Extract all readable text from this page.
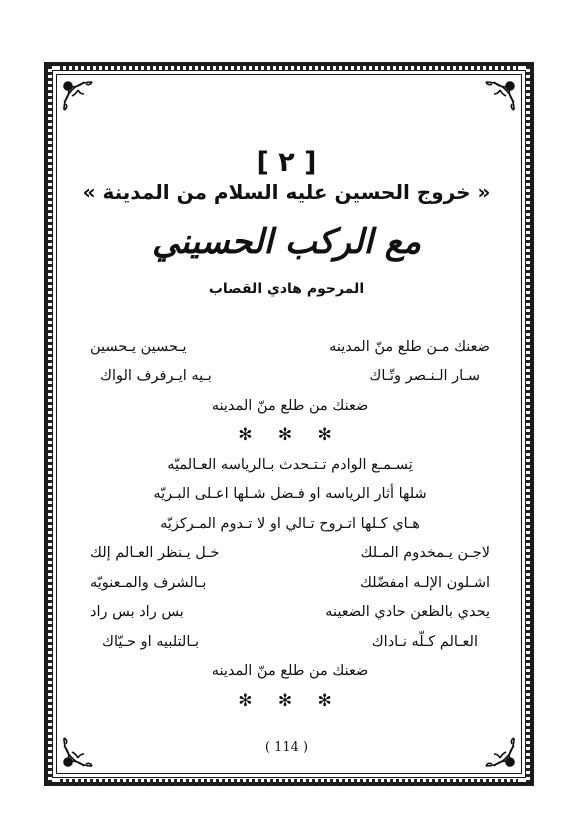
[ ٢ ]
« خروج الحسين عليه السلام من المدينة »
مع الركب الحسيني
المرحوم هادي القصاب
ضعنك مـن طلع منّ المدينه
يـحسين يـحسين
سـار الـنـصر وتّـاك
بـيه ايـرفرف الواك
ضعنك من طلع منّ المدينه
✻ ✻ ✻
تِسـمـع الوادم تـتـحدث بـالرياسه العـالميّه
شلها أثار الرياسه او فـضل شـلها اعـلى البـريّه
هـاي كـلها اتـروح تـالي او لا تـدوم المـركزيّه
لاجـن يـمخدوم المـلك
خـل يـنظر العـالم إلك
اشـلون الإلـه امفضّلك
بـالشرف والمـعنويّه
يحدي بالظعن حادي الضعينه
بس راد بس راد
العـالم كـلّه نـاداك
بـالتلبيه او حـيّاك
ضعنك من طلع منّ المدينه
✻ ✻ ✻
( 114 )
